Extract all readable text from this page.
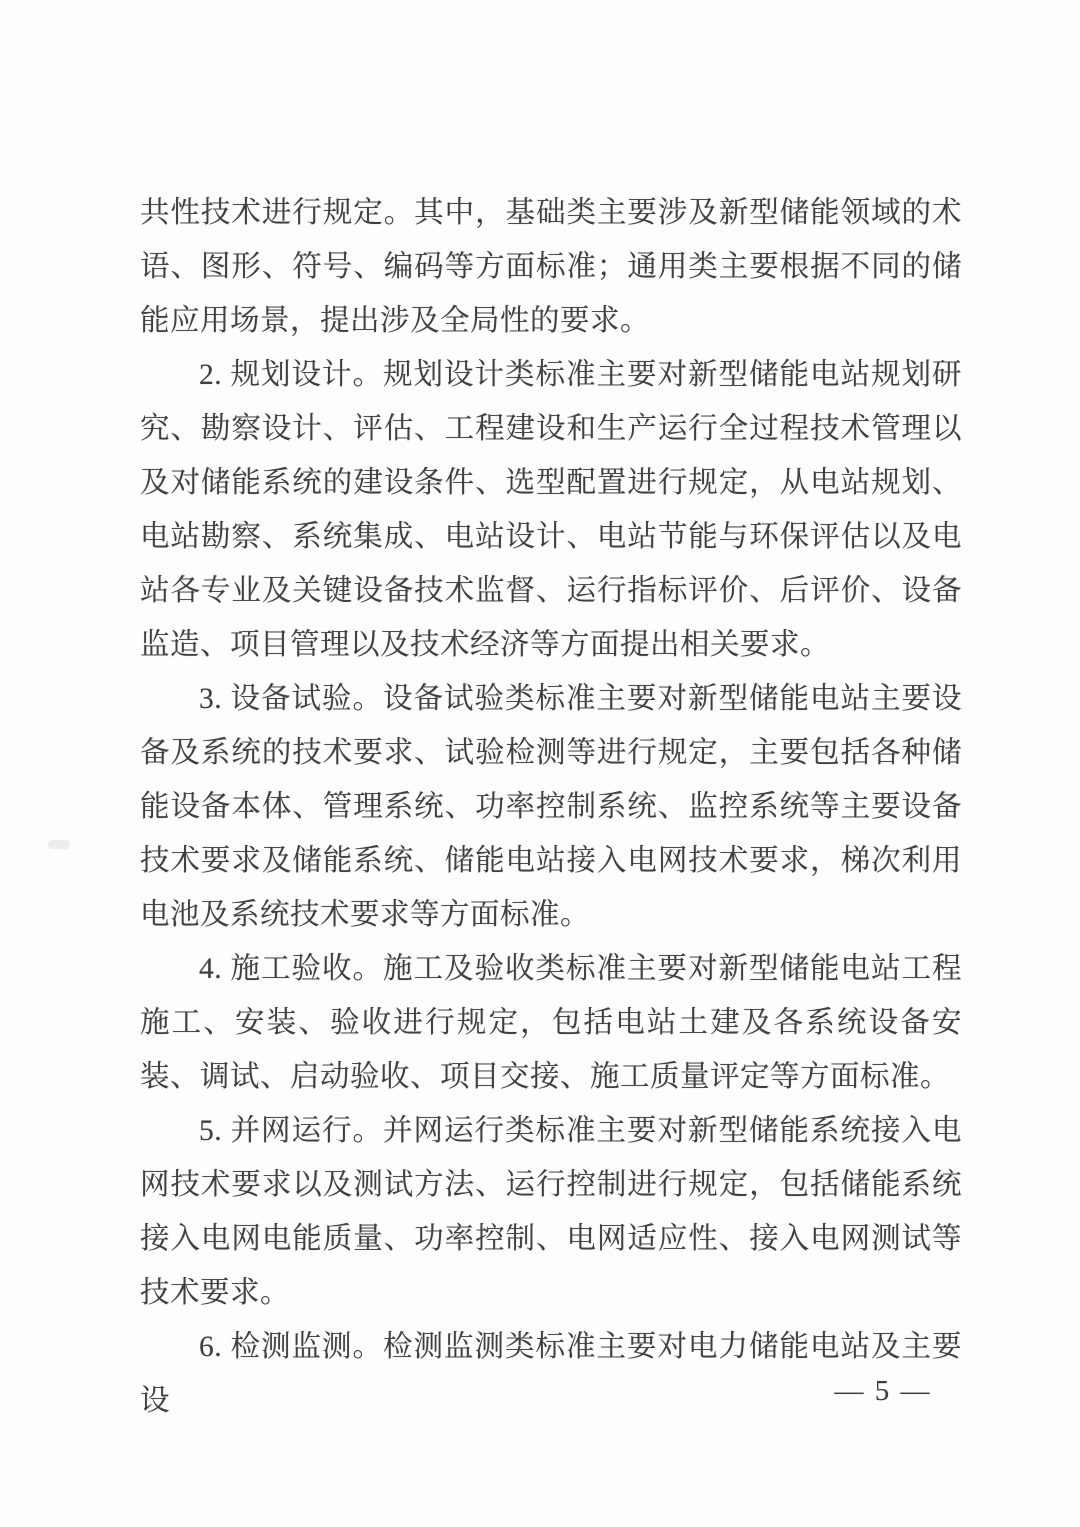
共性技术进行规定。其中，基础类主要涉及新型储能领域的术语、图形、符号、编码等方面标准；通用类主要根据不同的储能应用场景，提出涉及全局性的要求。

2. 规划设计。规划设计类标准主要对新型储能电站规划研究、勘察设计、评估、工程建设和生产运行全过程技术管理以及对储能系统的建设条件、选型配置进行规定，从电站规划、电站勘察、系统集成、电站设计、电站节能与环保评估以及电站各专业及关键设备技术监督、运行指标评价、后评价、设备监造、项目管理以及技术经济等方面提出相关要求。

3. 设备试验。设备试验类标准主要对新型储能电站主要设备及系统的技术要求、试验检测等进行规定，主要包括各种储能设备本体、管理系统、功率控制系统、监控系统等主要设备技术要求及储能系统、储能电站接入电网技术要求，梯次利用电池及系统技术要求等方面标准。

4. 施工验收。施工及验收类标准主要对新型储能电站工程施工、安装、验收进行规定，包括电站土建及各系统设备安装、调试、启动验收、项目交接、施工质量评定等方面标准。

5. 并网运行。并网运行类标准主要对新型储能系统接入电网技术要求以及测试方法、运行控制进行规定，包括储能系统接入电网电能质量、功率控制、电网适应性、接入电网测试等技术要求。

6. 检测监测。检测监测类标准主要对电力储能电站及主要设	— 5 —
